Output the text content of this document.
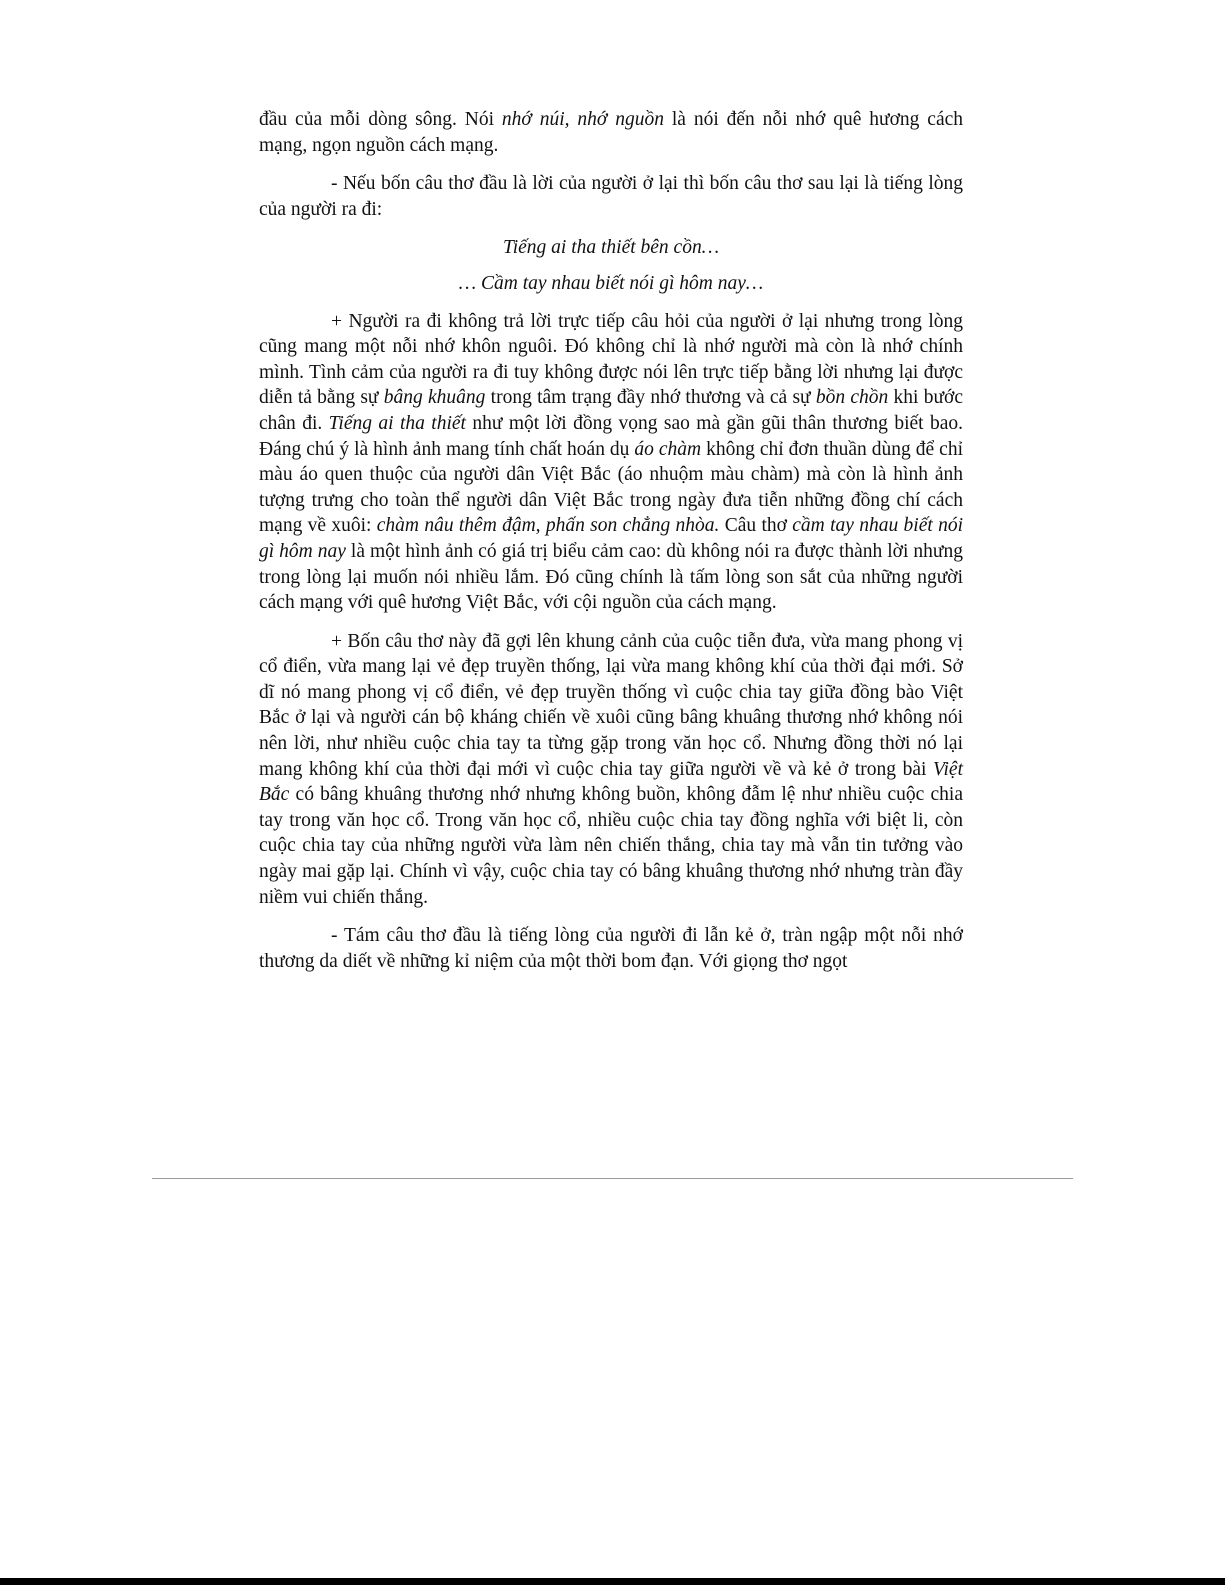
đầu của mỗi dòng sông. Nói nhớ núi, nhớ nguồn là nói đến nỗi nhớ quê hương cách mạng, ngọn nguồn cách mạng.

- Nếu bốn câu thơ đầu là lời của người ở lại thì bốn câu thơ sau lại là tiếng lòng của người ra đi:

Tiếng ai tha thiết bên cồn…
… Cầm tay nhau biết nói gì hôm nay…

+ Người ra đi không trả lời trực tiếp câu hỏi của người ở lại nhưng trong lòng cũng mang một nỗi nhớ khôn nguôi. Đó không chỉ là nhớ người mà còn là nhớ chính mình. Tình cảm của người ra đi tuy không được nói lên trực tiếp bằng lời nhưng lại được diễn tả bằng sự bâng khuâng trong tâm trạng đầy nhớ thương và cả sự bồn chồn khi bước chân đi. Tiếng ai tha thiết như một lời đồng vọng sao mà gần gũi thân thương biết bao. Đáng chú ý là hình ảnh mang tính chất hoán dụ áo chàm không chỉ đơn thuần dùng để chỉ màu áo quen thuộc của người dân Việt Bắc (áo nhuộm màu chàm) mà còn là hình ảnh tượng trưng cho toàn thể người dân Việt Bắc trong ngày đưa tiễn những đồng chí cách mạng về xuôi: chàm nâu thêm đậm, phấn son chẳng nhòa. Câu thơ cầm tay nhau biết nói gì hôm nay là một hình ảnh có giá trị biểu cảm cao: dù không nói ra được thành lời nhưng trong lòng lại muốn nói nhiều lắm. Đó cũng chính là tấm lòng son sắt của những người cách mạng với quê hương Việt Bắc, với cội nguồn của cách mạng.

+ Bốn câu thơ này đã gợi lên khung cảnh của cuộc tiễn đưa, vừa mang phong vị cổ điển, vừa mang lại vẻ đẹp truyền thống, lại vừa mang không khí của thời đại mới. Sở dĩ nó mang phong vị cổ điển, vẻ đẹp truyền thống vì cuộc chia tay giữa đồng bào Việt Bắc ở lại và người cán bộ kháng chiến về xuôi cũng bâng khuâng thương nhớ không nói nên lời, như nhiều cuộc chia tay ta từng gặp trong văn học cổ. Nhưng đồng thời nó lại mang không khí của thời đại mới vì cuộc chia tay giữa người về và kẻ ở trong bài Việt Bắc có bâng khuâng thương nhớ nhưng không buồn, không đẫm lệ như nhiều cuộc chia tay trong văn học cổ. Trong văn học cổ, nhiều cuộc chia tay đồng nghĩa với biệt li, còn cuộc chia tay của những người vừa làm nên chiến thắng, chia tay mà vẫn tin tưởng vào ngày mai gặp lại. Chính vì vậy, cuộc chia tay có bâng khuâng thương nhớ nhưng tràn đầy niềm vui chiến thắng.

- Tám câu thơ đầu là tiếng lòng của người đi lẫn kẻ ở, tràn ngập một nỗi nhớ thương da diết về những kỉ niệm của một thời bom đạn. Với giọng thơ ngọt
